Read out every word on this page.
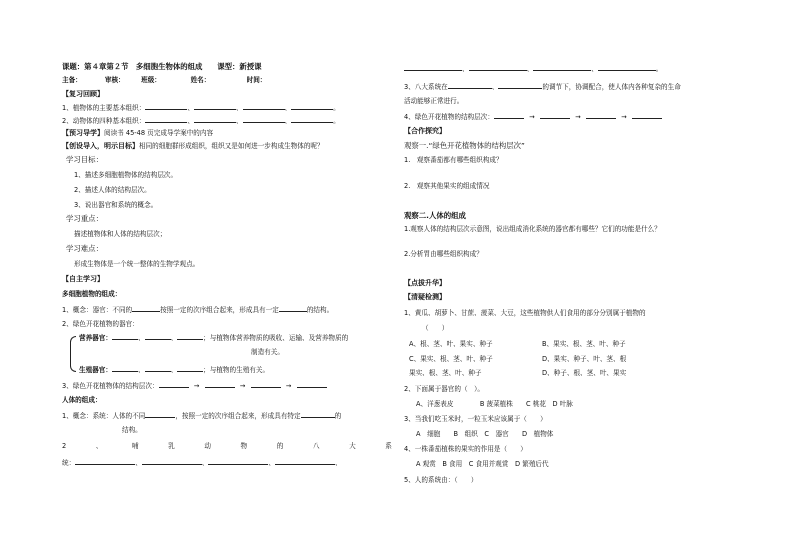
课题：第４章第２节　多细胞生物体的组成　　课型：新授课
主备：　　　　审核：　　　班级：　　　　　姓名：　　　　　　时间：
【复习回顾】
1、植物体的主要基本组织：	、	、	、	。
2、动物体的四种基本组织：	、	、	、	。
【预习导学】阅读书 45-48 页完成导学案中的内容
【创设导入，明示目标】相同的细胞群形成组织，组织又是如何进一步构成生物体的呢？
学习目标：
1、描述多细胞植物体的结构层次。
2、描述人体的结构层次。
3、说出器官和系统的概念。
学习重点：
描述植物体和人体的结构层次；
学习难点：
形成生物体是一个统一整体的生物学观点。
【自主学习】
多细胞植物的组成：
1、概念：器官：不同的	按照一定的次序组合起来，形成具有一定	的结构。
2、绿色开花植物的器官：
营养器官：	、	、	；与植物体营养物质的吸收、运输、及营养物质的
制造有关。
生殖器官：	、	、	；与植物的生殖有关。
3、绿色开花植物体的结构层次：	→	→	→
人体的组成：
1、概念：系统：人体的不同	，按照一定的次序组合起来，形成具有特定	的
结构。
2	、	哺	乳	动	物	的	八	大	系
统：	、	、	、	、
、	、	、	。
3、八大系统在	、	的调节下，协调配合，使人体内各种复杂的生命
活动能够正常进行。
4、绿色开花植物的结构层次：	→	→	→
【合作探究】
观察一.“绿色开花植物体的结构层次”
1.　观察番茄都有哪些组织构成？
2.　观察其他果实的组成情况
观察二.人体的组成
1.观察人体的结构层次示意图，说出组成消化系统的器官都有哪些？它们的功能是什么？
2.分析胃由哪些组织构成？
【点拔升华】
【清疑检测】
1、黄瓜、胡萝卜、甘蔗、菠菜、大豆，这些植物供人们食用的部分分别属于植物的
（　　）
A、根、茎、叶、果实、种子	B、果实、根、茎、叶、种子
C、果实、根、茎、叶、种子	D、果实、种子、叶、茎、根
果实、根、茎、叶、种子	D、种子、根、茎、叶、果实
2、下面属于器官的（　）。
A、洋葱表皮　　　　B 菠菜植株　　C 桃花　D 叶脉
3、当我们吃玉米时，一粒玉米应该属于（　　）
A　细胞　　B　组织　C　器官　　D　植物体
4、一株番茄植株的果实的作用是（　　）
A 观赏　B 食用　C 食用并观赏　D 繁殖后代
5、人的系统由：（　　）
